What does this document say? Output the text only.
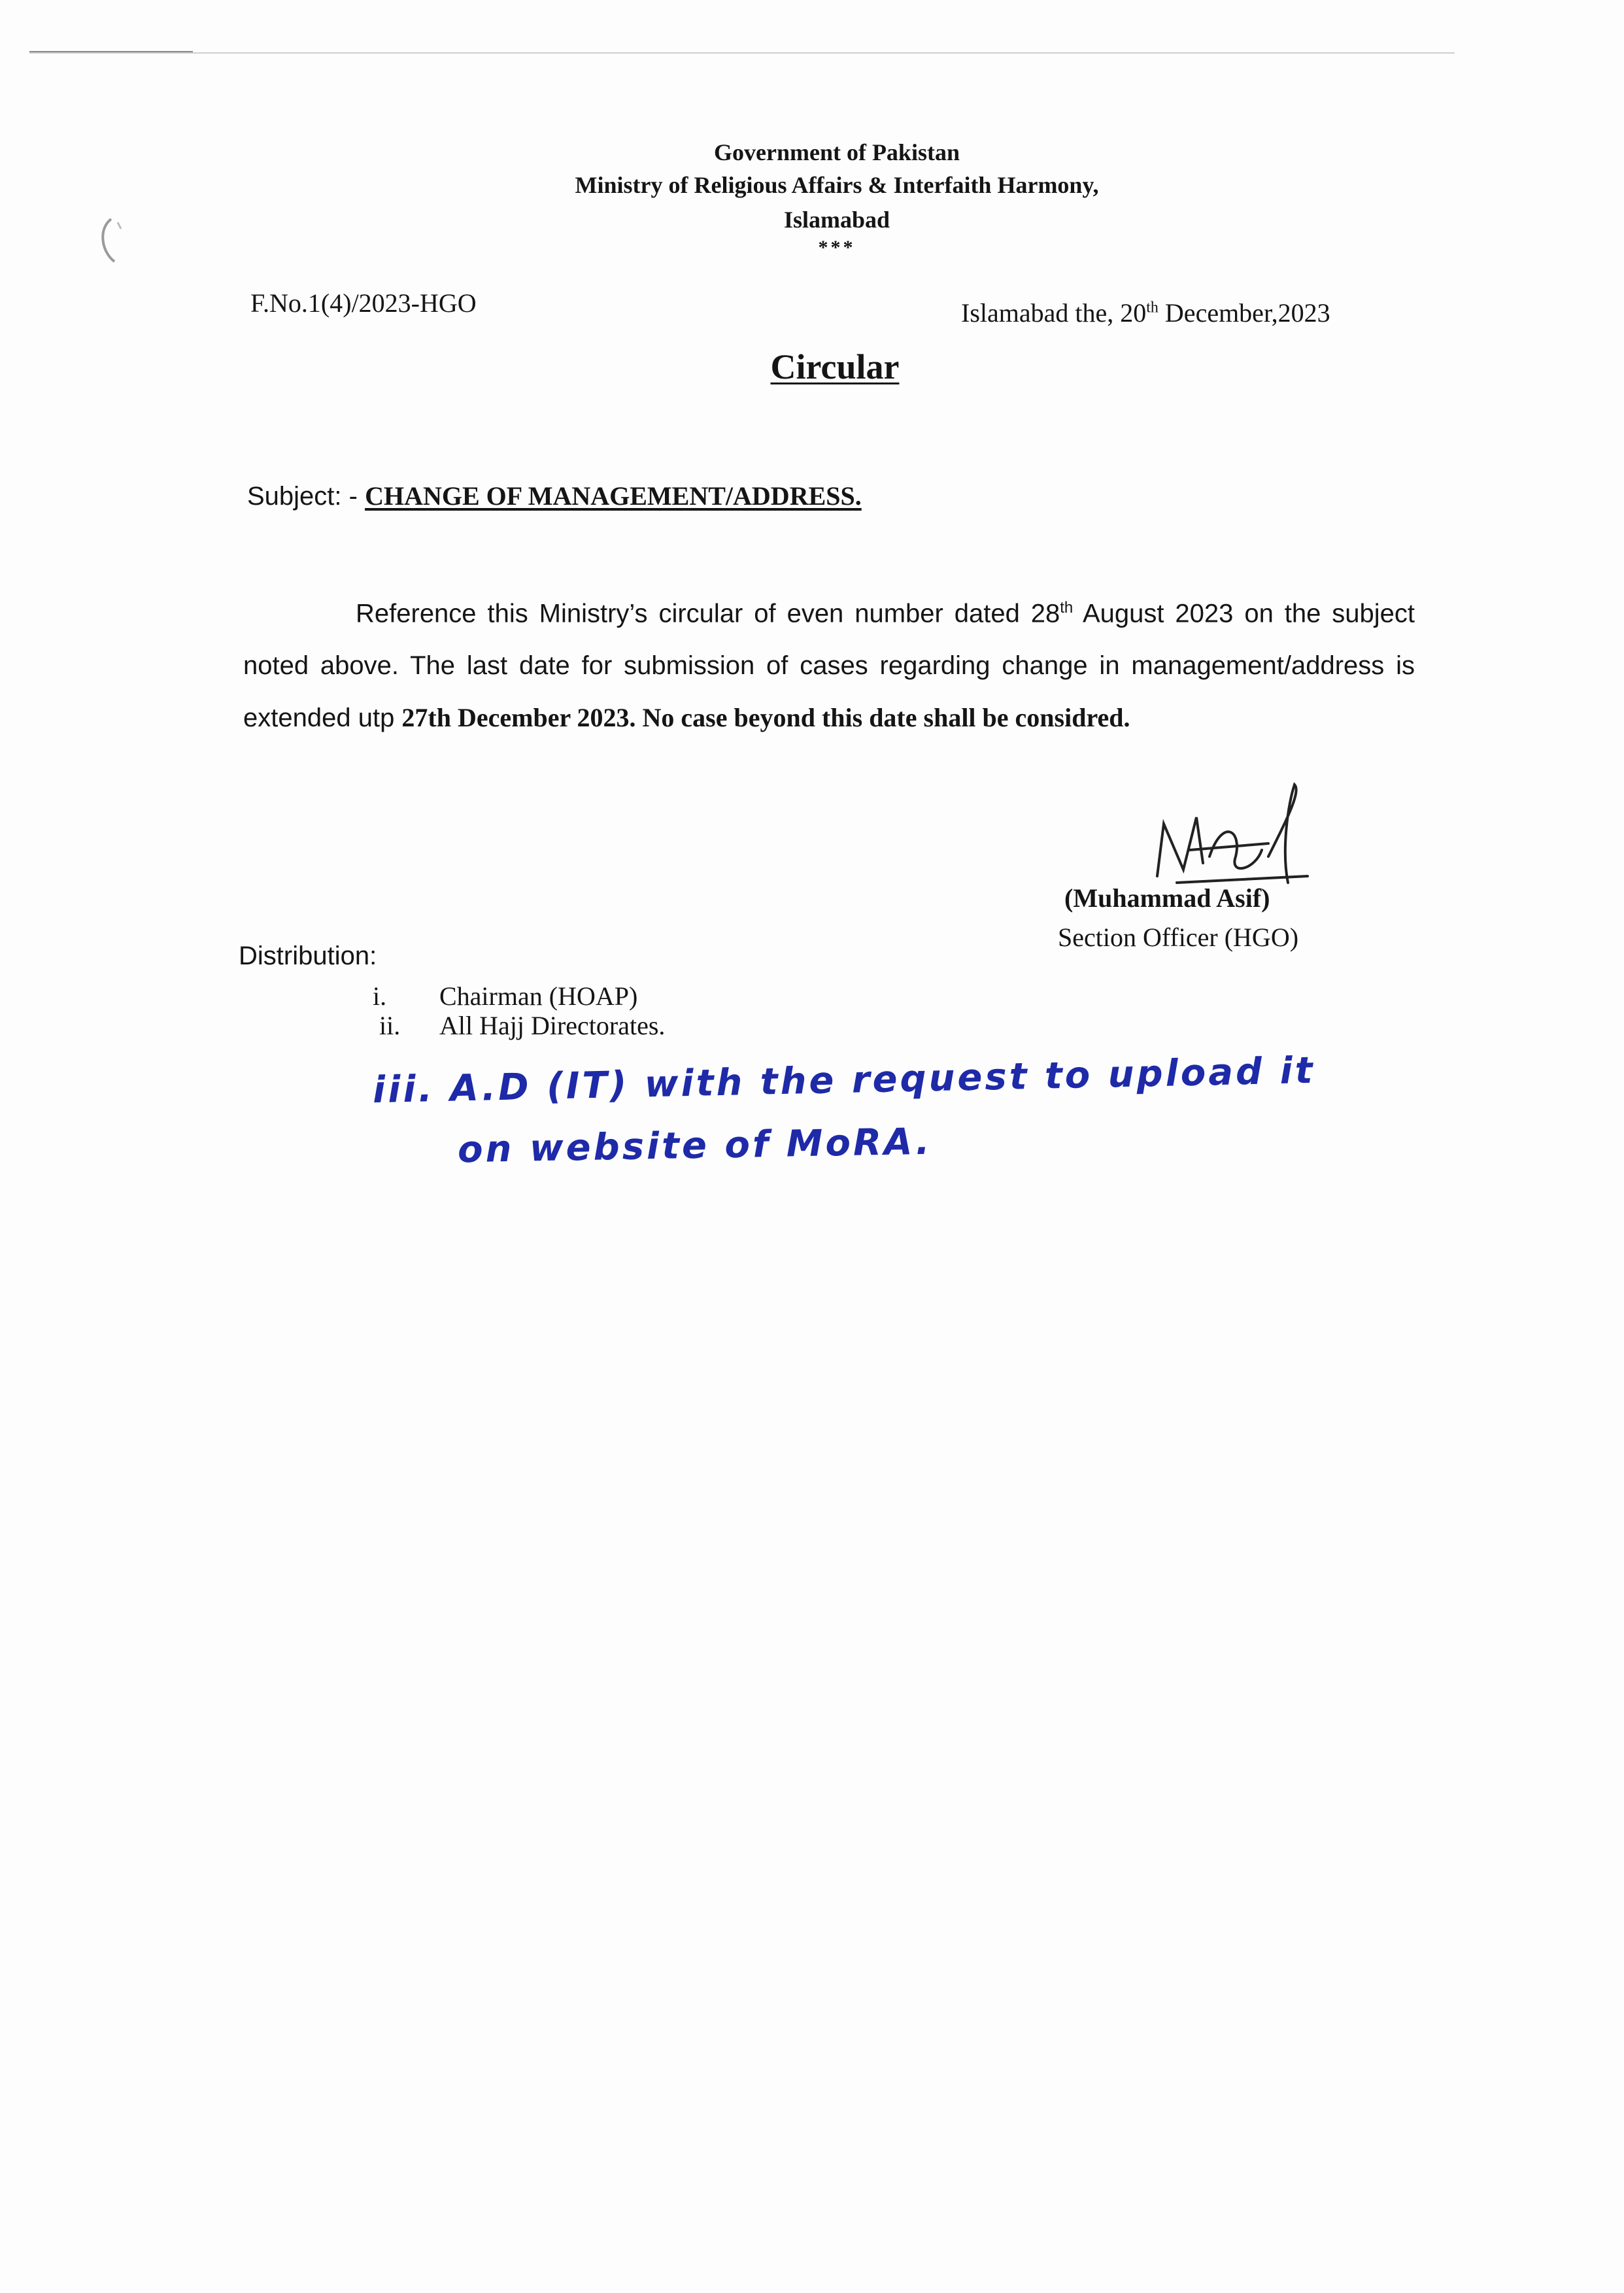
Government of Pakistan
Ministry of Religious Affairs & Interfaith Harmony,
Islamabad
***
F.No.1(4)/2023-HGO	Islamabad the, 20th December,2023
Circular
Subject: - CHANGE OF MANAGEMENT/ADDRESS.
Reference this Ministry’s circular of even number dated 28th August 2023 on the subject noted above. The last date for submission of cases regarding change in management/address is extended utp 27th December 2023. No case beyond this date shall be considred.
(Muhammad Asif)
Section Officer (HGO)
Distribution:
i. Chairman (HOAP)
ii. All Hajj Directorates.
iii. A.D (IT) with the request to upload it
on website of MoRA.
